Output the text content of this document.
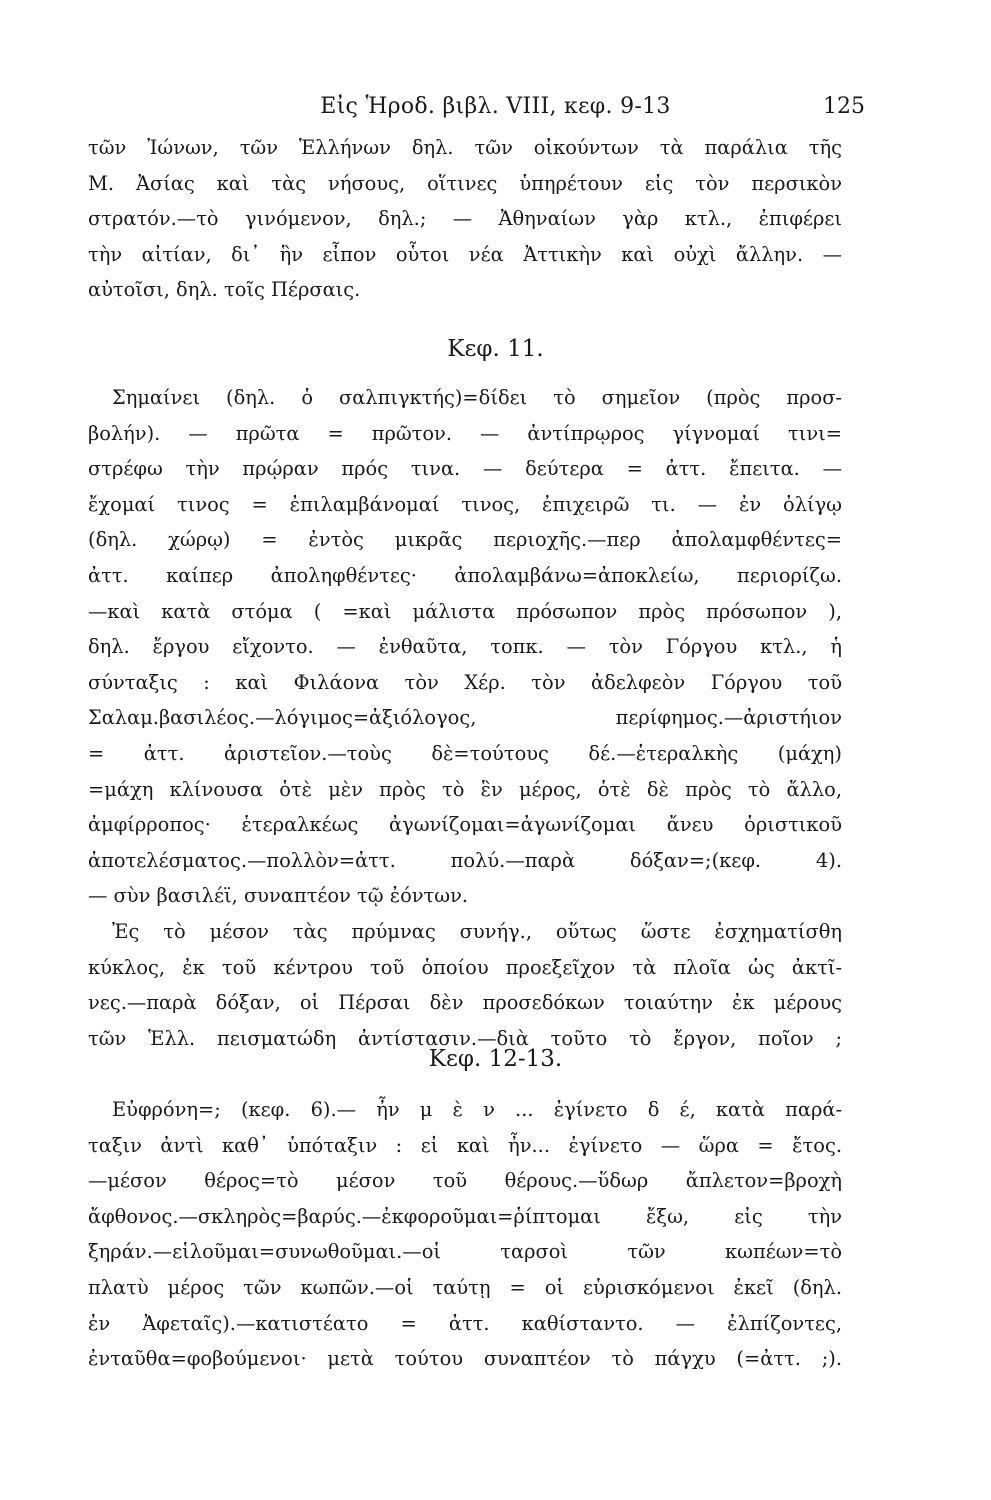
Εἰς Ἡροδ. βιβλ. VIII, κεφ. 9-13	125
τῶν Ἰώνων, τῶν Ἑλλήνων δηλ. τῶν οἰκούντων τὰ παράλια τῆς
Μ. Ἀσίας καὶ τὰς νήσους, οἵτινες ὑπηρέτουν εἰς τὸν περσικὸν
στρατόν.—τὸ γινόμενον, δηλ.; — Ἀθηναίων γὰρ κτλ., ἐπιφέρει
τὴν αἰτίαν, δι᾽ ἣν εἶπον οὗτοι νέα Ἀττικὴν καὶ οὐχὶ ἄλλην. —
αὐτοῖσι, δηλ. τοῖς Πέρσαις.
Κεφ. 11.
Σημαίνει (δηλ. ὁ σαλπιγκτής)=δίδει τὸ σημεῖον (πρὸς προσ-
βολήν). — πρῶτα = πρῶτον. — ἀντίπρῳρος γίγνομαί τινι=
στρέφω τὴν πρῴραν πρός τινα. — δεύτερα = ἀττ. ἔπειτα. —
ἔχομαί τινος = ἐπιλαμβάνομαί τινος, ἐπιχειρῶ τι. — ἐν ὀλίγῳ
(δηλ. χώρῳ) = ἐντὸς μικρᾶς περιοχῆς.—περ ἀπολαμφθέντες=
ἀττ. καίπερ ἀποληφθέντες· ἀπολαμβάνω=ἀποκλείω, περιορίζω.
—καὶ κατὰ στόμα ( =καὶ μάλιστα πρόσωπον πρὸς πρόσωπον ),
δηλ. ἔργου εἴχοντο. — ἐνθαῦτα, τοπκ. — τὸν Γόργου κτλ., ἡ
σύνταξις : καὶ Φιλάονα τὸν Χέρ. τὸν ἀδελφεὸν Γόργου τοῦ
Σαλαμ.βασιλέος.—λόγιμος=ἀξιόλογος, περίφημος.—ἀριστήιον
= ἀττ. ἀριστεῖον.—τοὺς δὲ=τούτους δέ.—ἑτεραλκὴς (μάχη)
=μάχη κλίνουσα ὁτὲ μὲν πρὸς τὸ ἓν μέρος, ὁτὲ δὲ πρὸς τὸ ἄλλο,
ἀμφίρροπος· ἑτεραλκέως ἀγωνίζομαι=ἀγωνίζομαι ἄνευ ὁριστικοῦ
ἀποτελέσματος.—πολλὸν=ἀττ. πολύ.—παρὰ δόξαν=;(κεφ. 4).
— σὺν βασιλέϊ, συναπτέον τῷ ἐόντων.
Ἐς τὸ μέσον τὰς πρύμνας συνήγ., οὕτως ὥστε ἐσχηματίσθη
κύκλος, ἐκ τοῦ κέντρου τοῦ ὁποίου προεξεῖχον τὰ πλοῖα ὡς ἀκτῖ-
νες.—παρὰ δόξαν, οἱ Πέρσαι δὲν προσεδόκων τοιαύτην ἐκ μέρους
τῶν Ἑλλ. πεισματώδη ἀντίστασιν.—διὰ τοῦτο τὸ ἔργον, ποῖον ;
Κεφ. 12-13.
Εὐφρόνη=; (κεφ. 6).— ἦν μ ὲ ν ... ἐγίνετο δ έ, κατὰ παρά-
ταξιν ἀντὶ καθ᾽ ὑπόταξιν : εἰ καὶ ἦν... ἐγίνετο — ὥρα = ἔτος.
—μέσον θέρος=τὸ μέσον τοῦ θέρους.—ὕδωρ ἄπλετον=βροχὴ
ἄφθονος.—σκληρὸς=βαρύς.—ἐκφοροῦμαι=ῥίπτομαι ἔξω, εἰς τὴν
ξηράν.—εἱλοῦμαι=συνωθοῦμαι.—οἱ ταρσοὶ τῶν κωπέων=τὸ
πλατὺ μέρος τῶν κωπῶν.—οἱ ταύτῃ = οἱ εὑρισκόμενοι ἐκεῖ (δηλ.
ἐν Ἀφεταῖς).—κατιστέατο = ἀττ. καθίσταντο. — ἐλπίζοντες,
ἐνταῦθα=φοβούμενοι· μετὰ τούτου συναπτέον τὸ πάγχυ (=ἀττ. ;).
